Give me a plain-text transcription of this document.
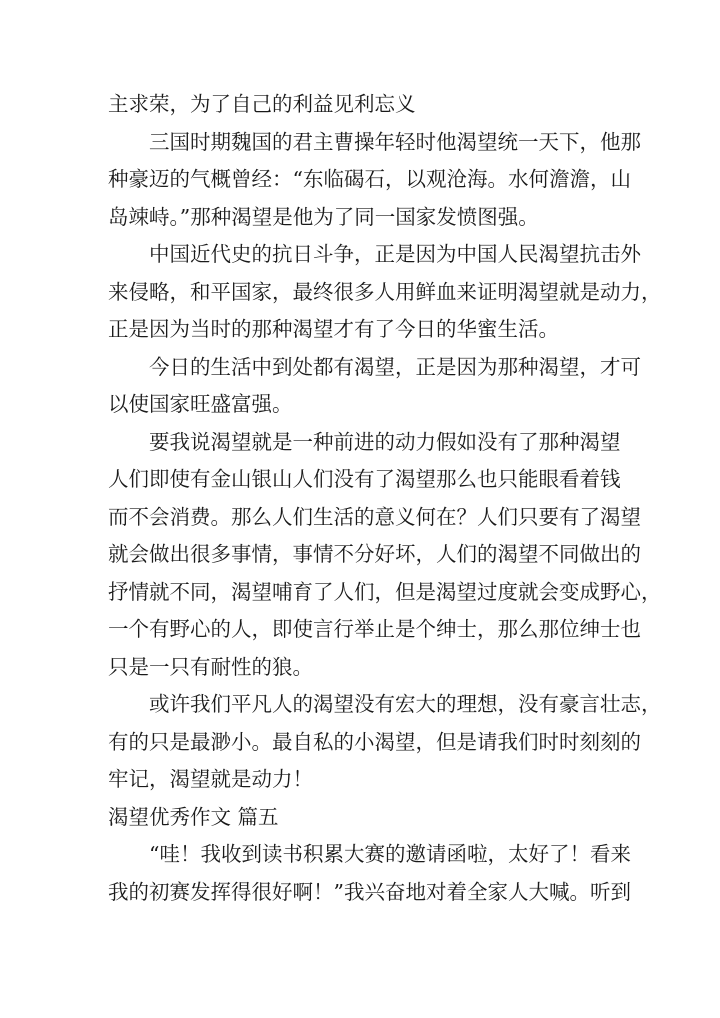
主求荣，为了自己的利益见利忘义
三国时期魏国的君主曹操年轻时他渴望统一天下，他那
种豪迈的气概曾经：“东临碣石，以观沧海。水何澹澹，山
岛竦峙。”那种渴望是他为了同一国家发愤图强。
中国近代史的抗日斗争，正是因为中国人民渴望抗击外
来侵略，和平国家，最终很多人用鲜血来证明渴望就是动力，
正是因为当时的那种渴望才有了今日的华蜜生活。
今日的生活中到处都有渴望，正是因为那种渴望，才可
以使国家旺盛富强。
要我说渴望就是一种前进的动力假如没有了那种渴望
人们即使有金山银山人们没有了渴望那么也只能眼看着钱
而不会消费。那么人们生活的意义何在？人们只要有了渴望
就会做出很多事情，事情不分好坏，人们的渴望不同做出的
抒情就不同，渴望哺育了人们，但是渴望过度就会变成野心，
一个有野心的人，即使言行举止是个绅士，那么那位绅士也
只是一只有耐性的狼。
或许我们平凡人的渴望没有宏大的理想，没有豪言壮志，
有的只是最渺小。最自私的小渴望，但是请我们时时刻刻的
牢记，渴望就是动力！
渴望优秀作文 篇五
“哇！我收到读书积累大赛的邀请函啦，太好了！看来
我的初赛发挥得很好啊！”我兴奋地对着全家人大喊。听到
